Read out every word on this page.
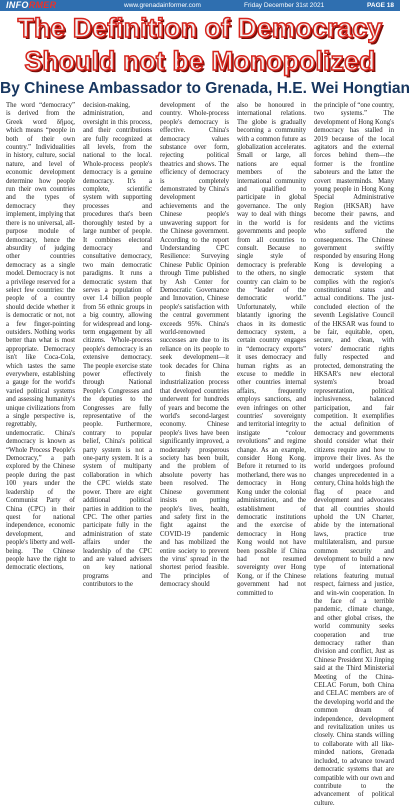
INFORMER	www.grenadainformer.com	Friday December 31st 2021	PAGE 18
The Definition of Democracy
Should not be Monopolized
By Chinese Ambassador to Grenada, H.E. Wei Hongtian

The word “democracy” is derived from the Greek word δῆμος, which means “people in both of their own country.” Individualities in history, culture, social nature, and level of economic development determine how people run their own countries and the types of democracy they implement, implying that there is no universal, all-purpose module of democracy, hence the absurdity of judging other countries democracy as a single model. Democracy is not a privilege reserved for a select few countries: the people of a country should decide whether it is democratic or not, not a few finger-pointing outsiders. Nothing works better than what is most appropriate. Democracy isn't like Coca-Cola, which tastes the same everywhere, establishing a gauge for the world's varied political systems and assessing humanity's unique civilizations from a single perspective is, regrettably, undemocratic. China's democracy is known as “Whole Process People's Democracy,” a path explored by the Chinese people during the past 100 years under the leadership of the Communist Party of China (CPC) in their quest for national independence, economic development, and people's liberty and well-being. The Chinese people have the right to democratic elections,

decision-making, administration, and oversight in this process, and their contributions are fully recognized at all levels, from the national to the local. Whole-process people's democracy is a genuine democracy. It's a complete, scientific system with supporting processes and procedures that's been thoroughly tested by a large number of people. It combines electoral democracy and consultative democracy, two main democratic paradigms. It runs a democratic system that serves a population of over 1.4 billion people from 56 ethnic groups in a big country, allowing for widespread and long-term engagement by all citizens. Whole-process people's democracy is an extensive democracy. The people exercise state power effectively through National People's Congresses and the deputies to the Congresses are fully representative of the people. Furthermore, contrary to popular belief, China's political party system is not a one-party system. It is a system of multiparty collaboration in which the CPC wields state power. There are eight additional political parties in addition to the CPC. The other parties participate fully in the administration of state affairs under the leadership of the CPC and are valued advisers on key national programs and contributors to the

development of the country. Whole-process people's democracy is effective. China's democracy values substance over form, rejecting political theatrics and shows. The efficiency of democracy is completely demonstrated by China's development achievements and the Chinese people's unwavering support for the Chinese government. According to the report Understanding CPC Resilience: Surveying Chinese Public Opinion through Time published by Ash Center for Democratic Governance and Innovation, Chinese people's satisfaction with the central government exceeds 95%. China's world-renowned successes are due to its reliance on its people to seek development—it took decades for China to finish the industrialization process that developed countries underwent for hundreds of years and become the world's second-largest economy. Chinese people's lives have been significantly improved, a moderately prosperous society has been built, and the problem of absolute poverty has been resolved. The Chinese government insists on putting people's lives, health, and safety first in the fight against the COVID-19 pandemic and has mobilized the entire society to prevent the virus' spread in the shortest period feasible. The principles of democracy should

also be honoured in international relations. The globe is gradually becoming a community with a common future as globalization accelerates. Small or large, all nations are equal members of the international community and qualified to participate in global governance. The only way to deal with things in the world is for governments and people from all countries to consult. Because no single style of democracy is preferable to the others, no single country can claim to be the “leader of the democratic world.” Unfortunately, while blatantly ignoring the chaos in its domestic democracy system, a certain country engages in “democracy exports” it uses democracy and human rights as an excuse to meddle in other countries internal affairs, frequently employs sanctions, and even infringes on other countries' sovereignty and territorial integrity to instigate “colour revolutions” and regime change. As an example, consider Hong Kong. Before it returned to its motherland, there was no democracy in Hong Kong under the colonial administration, and the establishment of democratic institutions and the exercise of democracy in Hong Kong would not have been possible if China had not resumed sovereignty over Hong Kong, or if the Chinese government had not committed to

the principle of “one country, two systems.” The development of Hong Kong's democracy has stalled in 2019 because of the local agitators and the external forces behind them—the former is the frontline saboteurs and the latter the covert masterminds. Many young people in Hong Kong Special Administrative Region (HKSAR) have become their pawns, and residents and the victims who suffered the consequences. The Chinese government swiftly responded by ensuring Hong Kong is developing a democratic system that complies with the region's constitutional status and actual conditions. The just-concluded election of the seventh Legislative Council of the HKSAR was found to be fair, equitable, open, secure, and clean, with voters' democratic rights fully respected and protected, demonstrating the HKSAR's new electoral system's broad representation, political inclusiveness, balanced participation, and fair competition. It exemplifies the actual definition of democracy and governments should consider what their citizens require and how to improve their lives. As the world undergoes profound changes unprecedented in a century, China holds high the flag of peace and development and advocates that all countries should uphold the UN Charter, abide by the international laws, practice true multilateralism, and pursue common security and development to build a new type of international relations featuring mutual respect, fairness and justice, and win-win cooperation. In the face of a terrible pandemic, climate change, and other global crises, the world community seeks cooperation and true democracy rather than division and conflict, Just as Chinese President Xi Jinping said at the Third Ministerial Meeting of the China-CELAC Forum, both China and CELAC members are of the developing world and the common dream of independence, development and revitalization unites us closely. China stands willing to collaborate with all like-minded nations, Grenada included, to advance toward democratic systems that are compatible with our own and contribute to the advancement of political culture.
